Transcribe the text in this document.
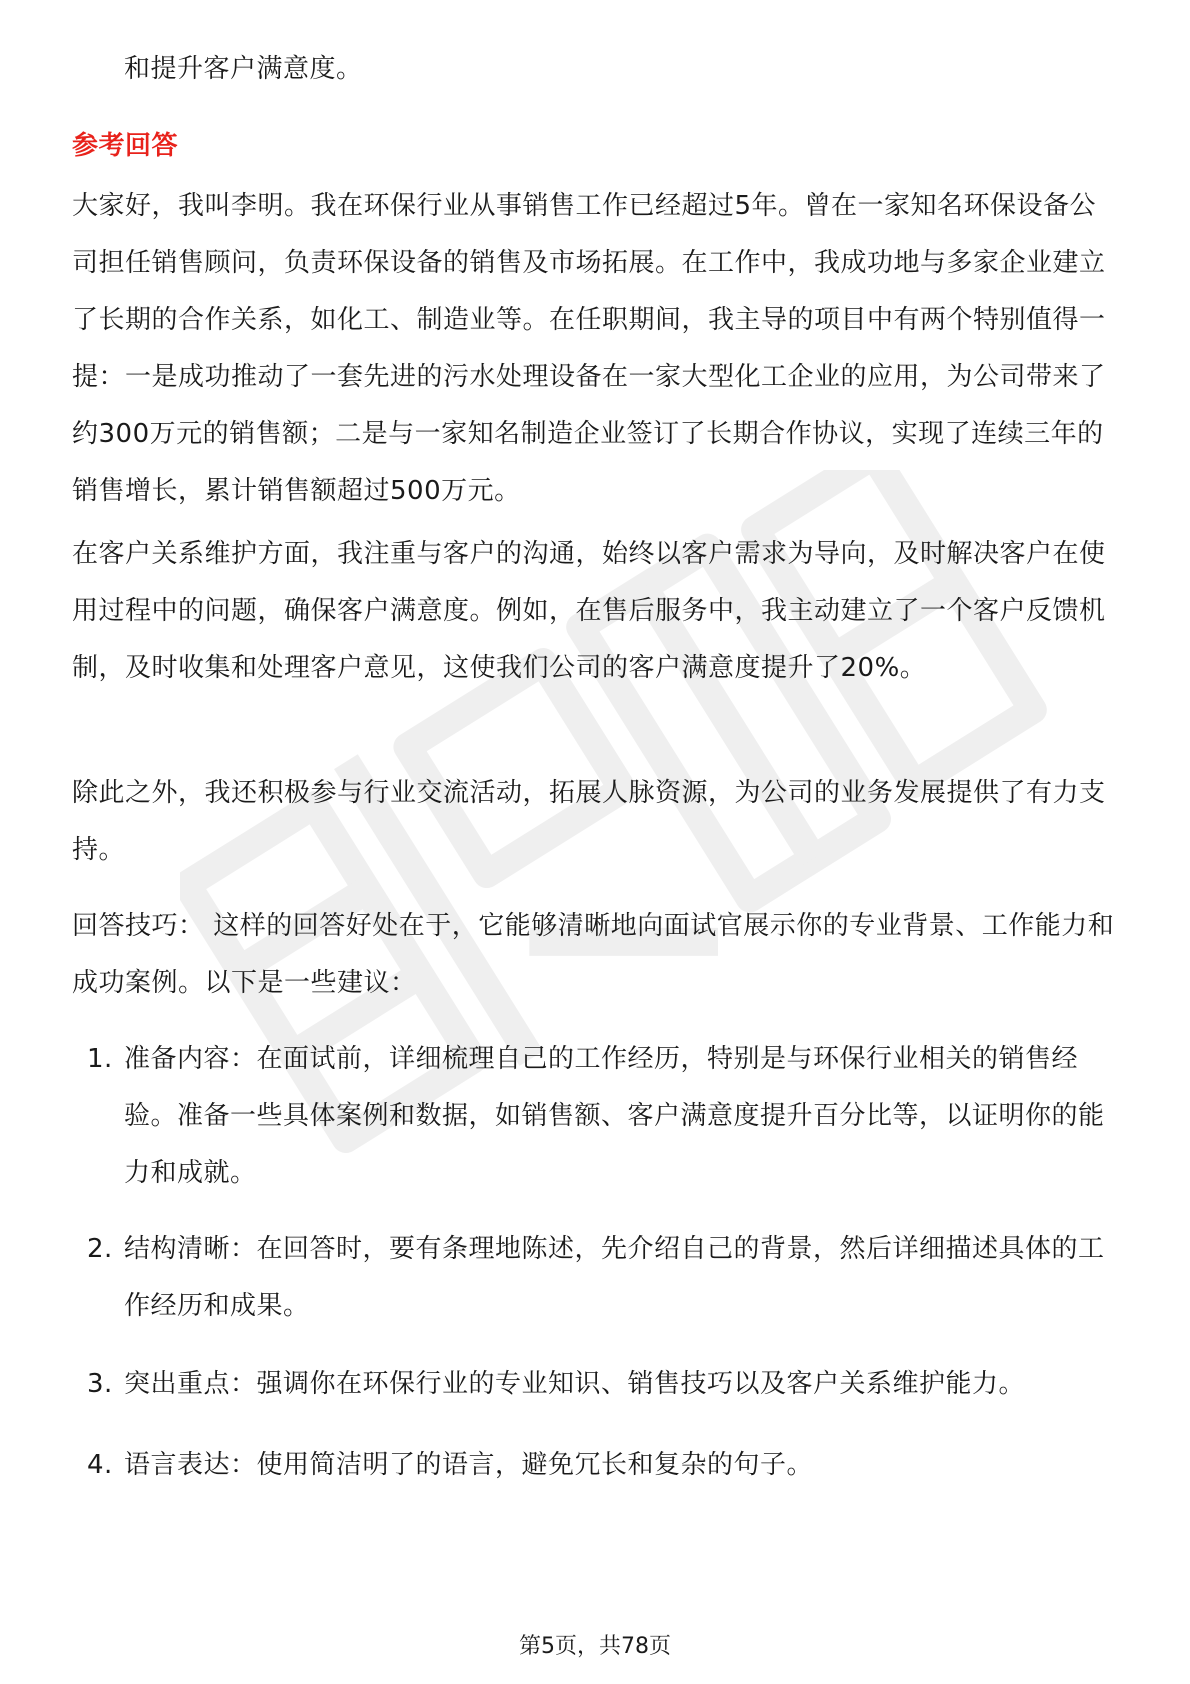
和提升客户满意度。

参考回答

大家好，我叫李明。我在环保行业从事销售工作已经超过5年。曾在一家知名环保设备公司担任销售顾问，负责环保设备的销售及市场拓展。在工作中，我成功地与多家企业建立了长期的合作关系，如化工、制造业等。在任职期间，我主导的项目中有两个特别值得一提：一是成功推动了一套先进的污水处理设备在一家大型化工企业的应用，为公司带来了约300万元的销售额；二是与一家知名制造企业签订了长期合作协议，实现了连续三年的销售增长，累计销售额超过500万元。

在客户关系维护方面，我注重与客户的沟通，始终以客户需求为导向，及时解决客户在使用过程中的问题，确保客户满意度。例如，在售后服务中，我主动建立了一个客户反馈机制，及时收集和处理客户意见，这使我们公司的客户满意度提升了20%。

除此之外，我还积极参与行业交流活动，拓展人脉资源，为公司的业务发展提供了有力支持。

回答技巧： 这样的回答好处在于，它能够清晰地向面试官展示你的专业背景、工作能力和成功案例。以下是一些建议：

1. 准备内容：在面试前，详细梳理自己的工作经历，特别是与环保行业相关的销售经验。准备一些具体案例和数据，如销售额、客户满意度提升百分比等，以证明你的能力和成就。
2. 结构清晰：在回答时，要有条理地陈述，先介绍自己的背景，然后详细描述具体的工作经历和成果。
3. 突出重点：强调你在环保行业的专业知识、销售技巧以及客户关系维护能力。
4. 语言表达：使用简洁明了的语言，避免冗长和复杂的句子。
第5页，共78页
